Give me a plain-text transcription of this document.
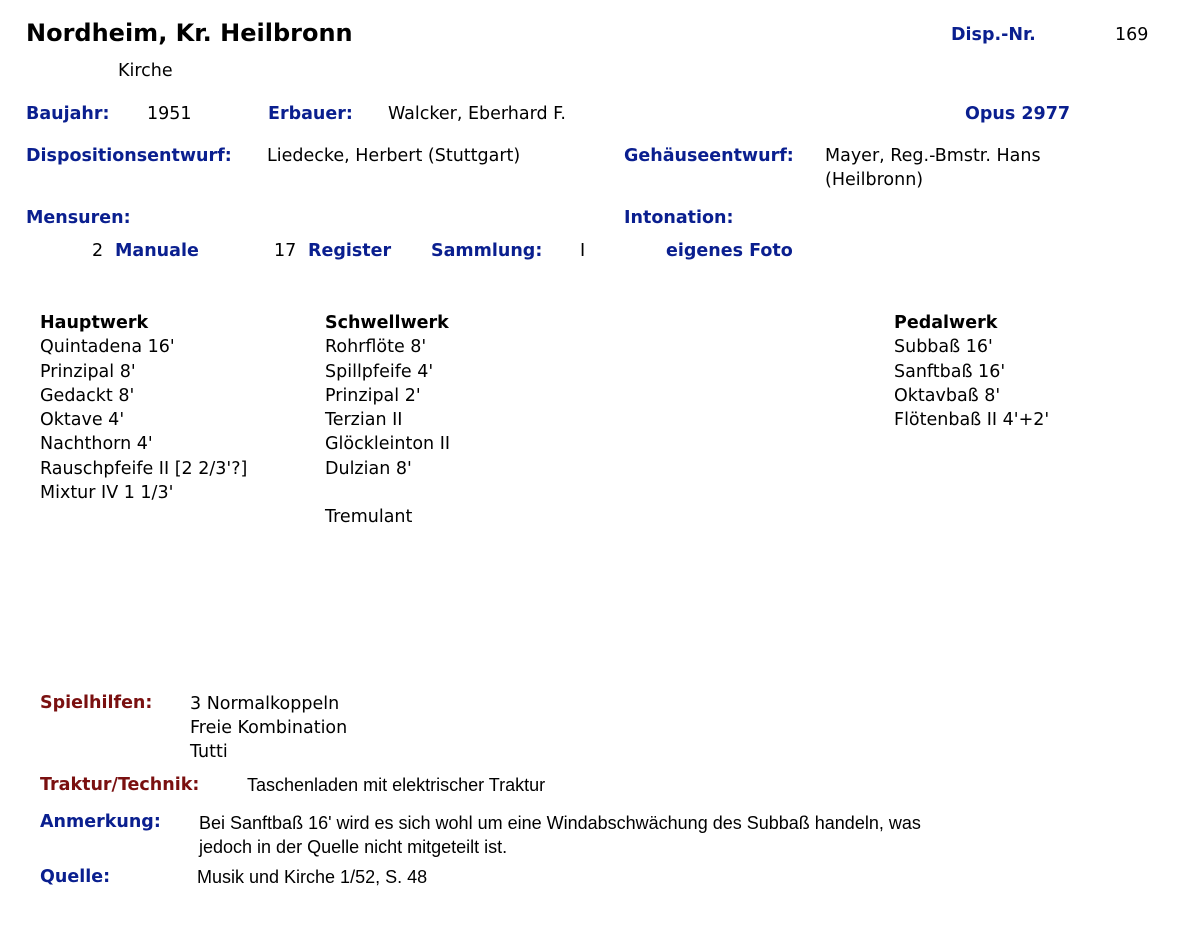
Nordheim, Kr. Heilbronn	Disp.-Nr.	169
Kirche
Baujahr: 1951	Erbauer: Walcker, Eberhard F.	Opus 2977
Dispositionsentwurf: Liedecke, Herbert (Stuttgart)	Gehäuseentwurf: Mayer, Reg.-Bmstr. Hans
(Heilbronn)
Mensuren:	Intonation:
2 Manuale	17 Register Sammlung: I	eigenes Foto
Hauptwerk
Quintadena 16'
Prinzipal 8'
Gedackt 8'
Oktave 4'
Nachthorn 4'
Rauschpfeife II [2 2/3'?]
Mixtur IV 1 1/3'
Schwellwerk
Rohrflöte 8'
Spillpfeife 4'
Prinzipal 2'
Terzian II
Glöckleinton II
Dulzian 8'
Tremulant
Pedalwerk
Subbaß 16'
Sanftbaß 16'
Oktavbaß 8'
Flötenbaß II 4'+2'
Spielhilfen: 3 Normalkoppeln
Freie Kombination
Tutti
Traktur/Technik:	Taschenladen mit elektrischer Traktur
Anmerkung: Bei Sanftbaß 16' wird es sich wohl um eine Windabschwächung des Subbaß handeln, was
jedoch in der Quelle nicht mitgeteilt ist.
Quelle:	Musik und Kirche 1/52, S. 48
